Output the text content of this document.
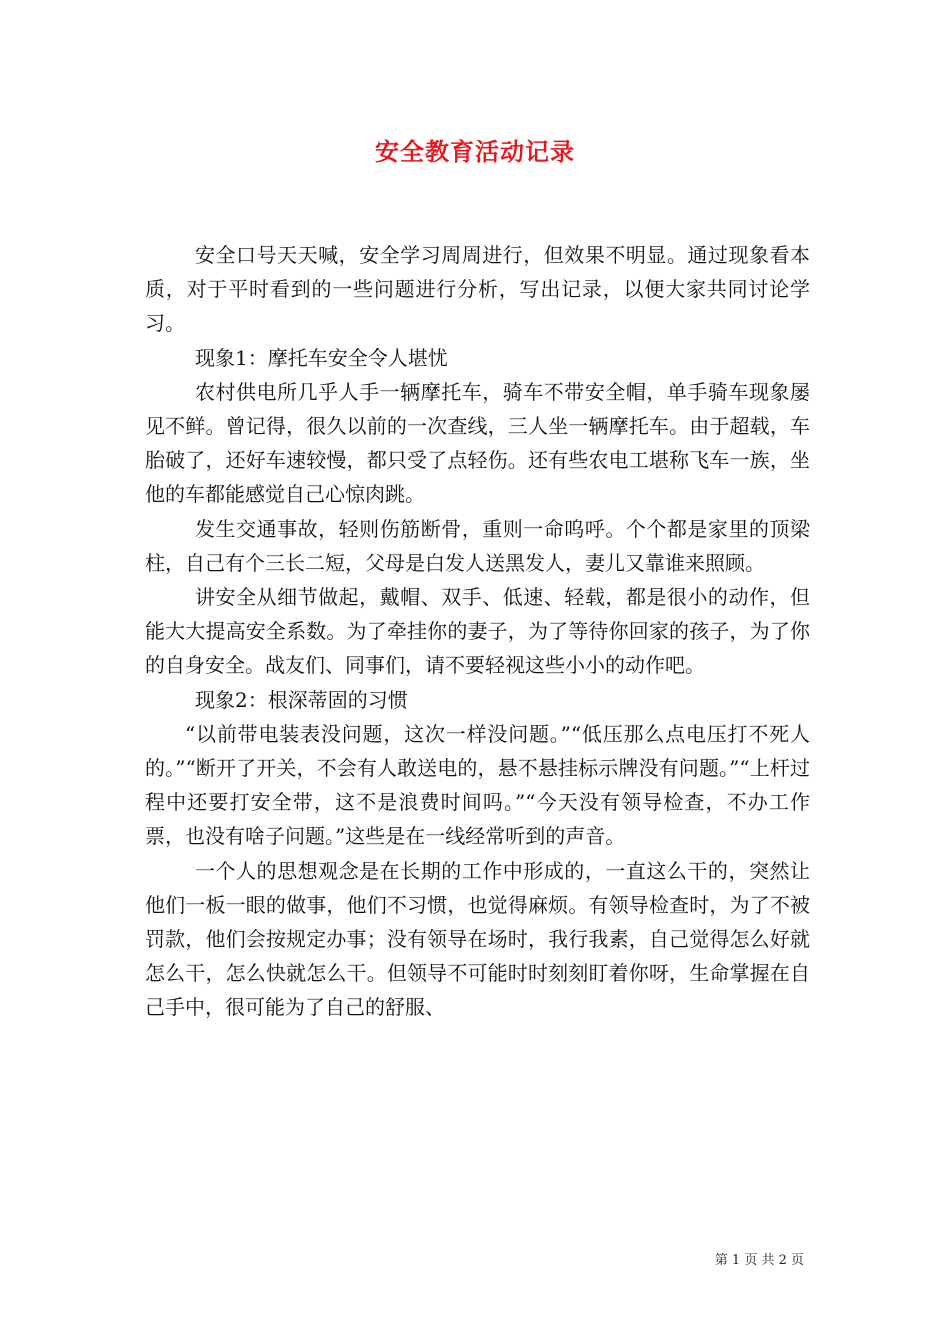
安全教育活动记录

安全口号天天喊，安全学习周周进行，但效果不明显。通过现象看本质，对于平时看到的一些问题进行分析，写出记录，以便大家共同讨论学习。

现象1：摩托车安全令人堪忧

农村供电所几乎人手一辆摩托车，骑车不带安全帽，单手骑车现象屡见不鲜。曾记得，很久以前的一次查线，三人坐一辆摩托车。由于超载，车胎破了，还好车速较慢，都只受了点轻伤。还有些农电工堪称飞车一族，坐他的车都能感觉自己心惊肉跳。

发生交通事故，轻则伤筋断骨，重则一命呜呼。个个都是家里的顶梁柱，自己有个三长二短，父母是白发人送黑发人，妻儿又靠谁来照顾。

讲安全从细节做起，戴帽、双手、低速、轻载，都是很小的动作，但能大大提高安全系数。为了牵挂你的妻子，为了等待你回家的孩子，为了你的自身安全。战友们、同事们，请不要轻视这些小小的动作吧。

现象2：根深蒂固的习惯

“以前带电装表没问题，这次一样没问题。”“低压那么点电压打不死人的。”“断开了开关，不会有人敢送电的，悬不悬挂标示牌没有问题。”“上杆过程中还要打安全带，这不是浪费时间吗。”“今天没有领导检查，不办工作票，也没有啥子问题。”这些是在一线经常听到的声音。

一个人的思想观念是在长期的工作中形成的，一直这么干的，突然让他们一板一眼的做事，他们不习惯，也觉得麻烦。有领导检查时，为了不被罚款，他们会按规定办事；没有领导在场时，我行我素，自己觉得怎么好就怎么干，怎么快就怎么干。但领导不可能时时刻刻盯着你呀，生命掌握在自己手中，很可能为了自己的舒服、

第 1 页 共 2 页
